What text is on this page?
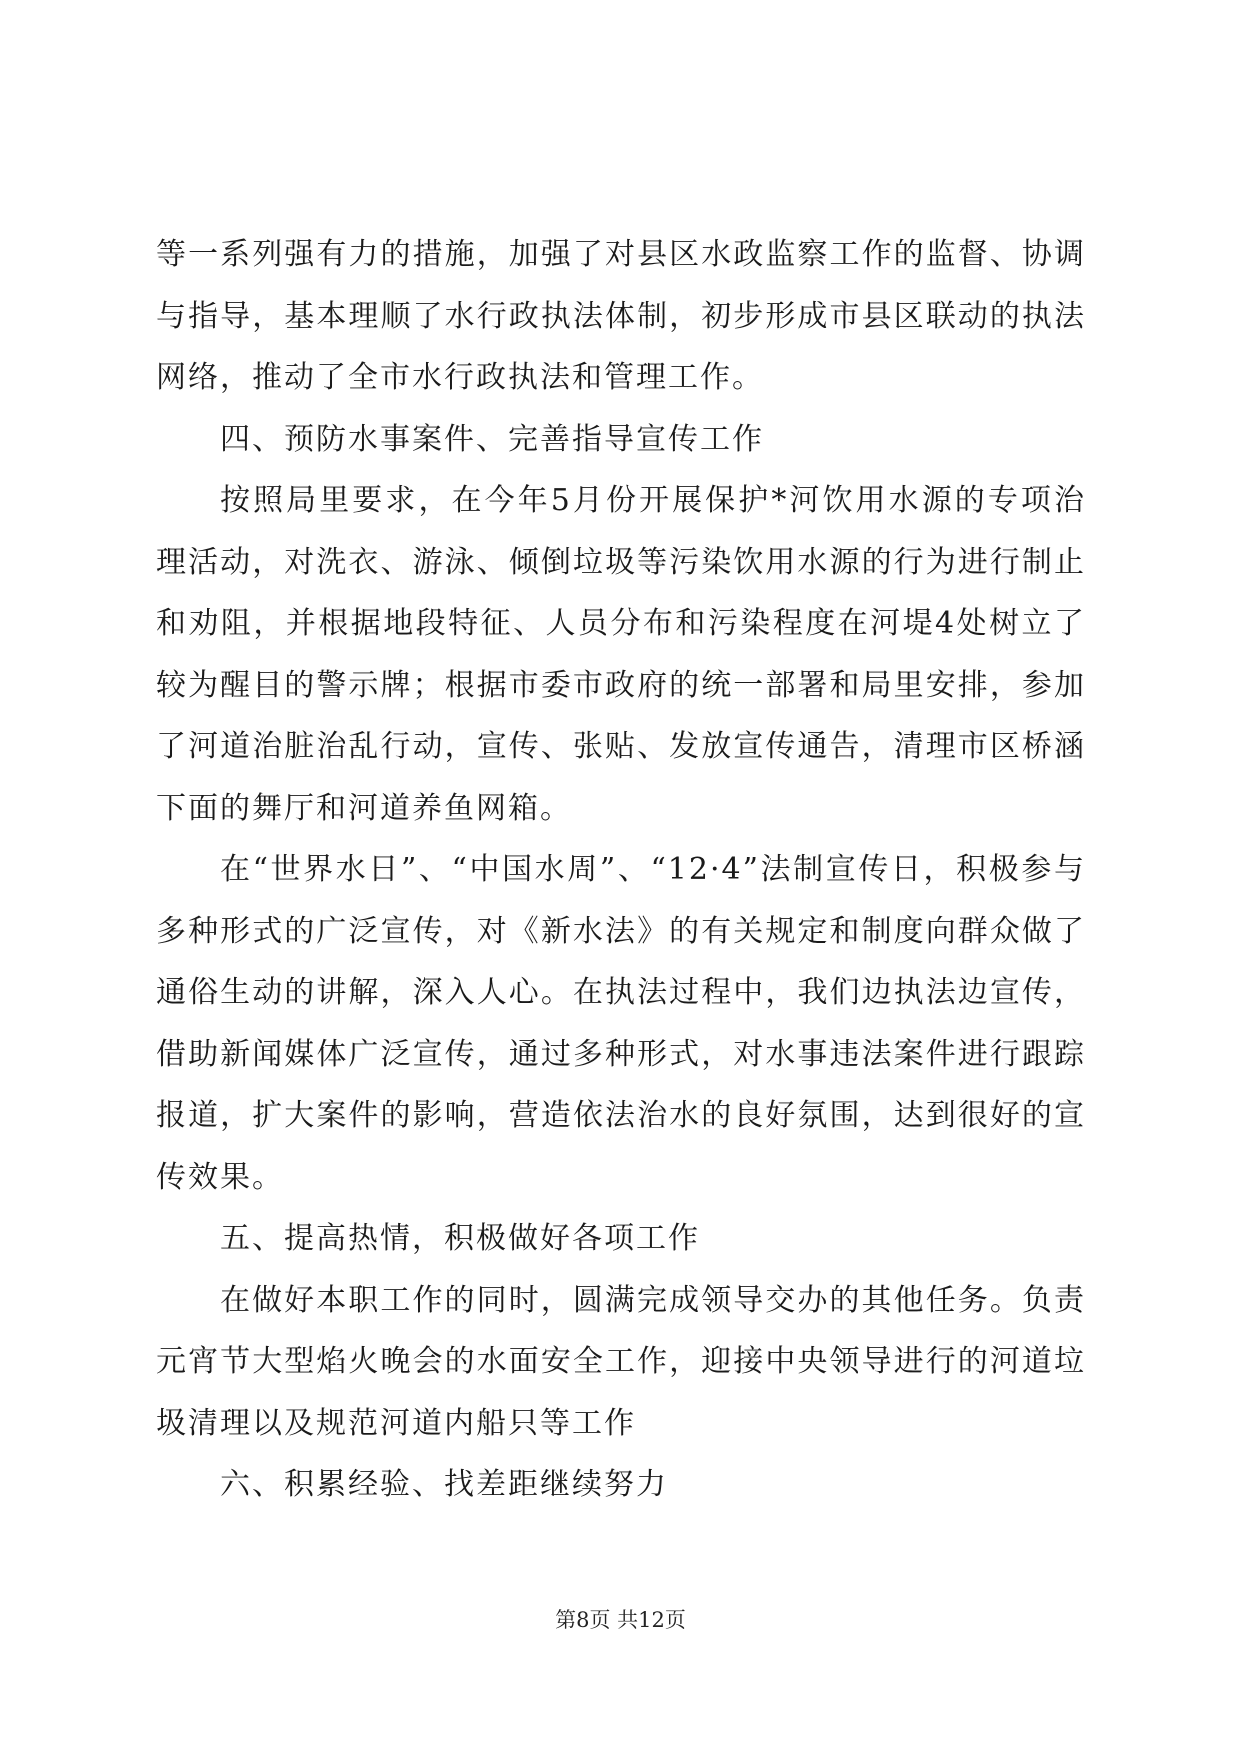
等一系列强有力的措施，加强了对县区水政监察工作的监督、协调与指导，基本理顺了水行政执法体制，初步形成市县区联动的执法网络，推动了全市水行政执法和管理工作。

四、预防水事案件、完善指导宣传工作

按照局里要求，在今年5月份开展保护*河饮用水源的专项治理活动，对洗衣、游泳、倾倒垃圾等污染饮用水源的行为进行制止和劝阻，并根据地段特征、人员分布和污染程度在河堤4处树立了较为醒目的警示牌；根据市委市政府的统一部署和局里安排，参加了河道治脏治乱行动，宣传、张贴、发放宣传通告，清理市区桥涵下面的舞厅和河道养鱼网箱。

在“世界水日”、“中国水周”、“12·4”法制宣传日，积极参与多种形式的广泛宣传，对《新水法》的有关规定和制度向群众做了通俗生动的讲解，深入人心。在执法过程中，我们边执法边宣传，借助新闻媒体广泛宣传，通过多种形式，对水事违法案件进行跟踪报道，扩大案件的影响，营造依法治水的良好氛围，达到很好的宣传效果。

五、提高热情，积极做好各项工作

在做好本职工作的同时，圆满完成领导交办的其他任务。负责元宵节大型焰火晚会的水面安全工作，迎接中央领导进行的河道垃圾清理以及规范河道内船只等工作

六、积累经验、找差距继续努力

第8页 共12页
